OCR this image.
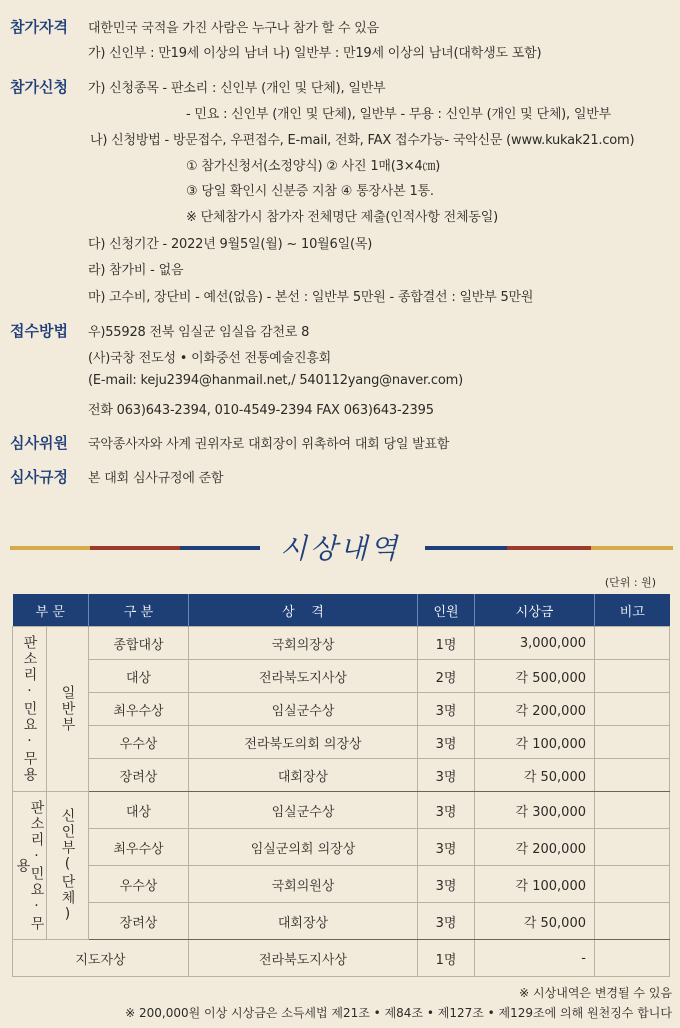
참가자격 대한민국 국적을 가진 사람은 누구나 참가 할 수 있음
가) 신인부 : 만19세 이상의 남녀 나) 일반부 : 만19세 이상의 남녀(대학생도 포함)
참가신청 가) 신청종목 - 판소리 : 신인부 (개인 및 단체), 일반부
- 민요 : 신인부 (개인 및 단체), 일반부 - 무용 : 신인부 (개인 및 단체), 일반부
나) 신청방법 - 방문접수, 우편접수, E-mail, 전화, FAX 접수가능- 국악신문 (www.kukak21.com)
① 참가신청서(소정양식) ② 사진 1매(3×4㎝)
③ 당일 확인시 신분증 지참 ④ 통장사본 1통.
※ 단체참가시 참가자 전체명단 제출(인적사항 전체동일)
다) 신청기간 - 2022년 9월5일(월) ~ 10월6일(목)
라) 참가비 - 없음
마) 고수비, 장단비 - 예선(없음) - 본선 : 일반부 5만원 - 종합결선 : 일반부 5만원
접수방법 우)55928 전북 임실군 임실읍 감천로 8
(사)국창 전도성 • 이화중선 전통예술진흥회
(E-mail: keju2394@hanmail.net,/ 540112yang@naver.com)
전화 063)643-2394, 010-4549-2394 FAX 063)643-2395
심사위원 국악종사자와 사계 권위자로 대회장이 위촉하여 대회 당일 발표함
심사규정 본 대회 심사규정에 준함
시상내역
(단위 : 원)
부 문		구 분	상    격	인원	시상금	비고
판소리·민요·무용	일반부	종합대상	국회의장상	1명	3,000,000	
		대상	전라북도지사상	2명	각 500,000	
		최우수상	임실군수상	3명	각 200,000	
		우수상	전라북도의회 의장상	3명	각 100,000	
		장려상	대회장상	3명	각 50,000	
판소리·민요·무용	신인부(단체)	대상	임실군수상	3명	각 300,000	
		최우수상	임실군의회 의장상	3명	각 200,000	
		우수상	국회의원상	3명	각 100,000	
		장려상	대회장상	3명	각 50,000	
지도자상			전라북도지사상	1명	-	
※ 시상내역은 변경될 수 있음
※ 200,000원 이상 시상금은 소득세법 제21조 • 제84조 • 제127조 • 제129조에 의해 원천징수 합니다
